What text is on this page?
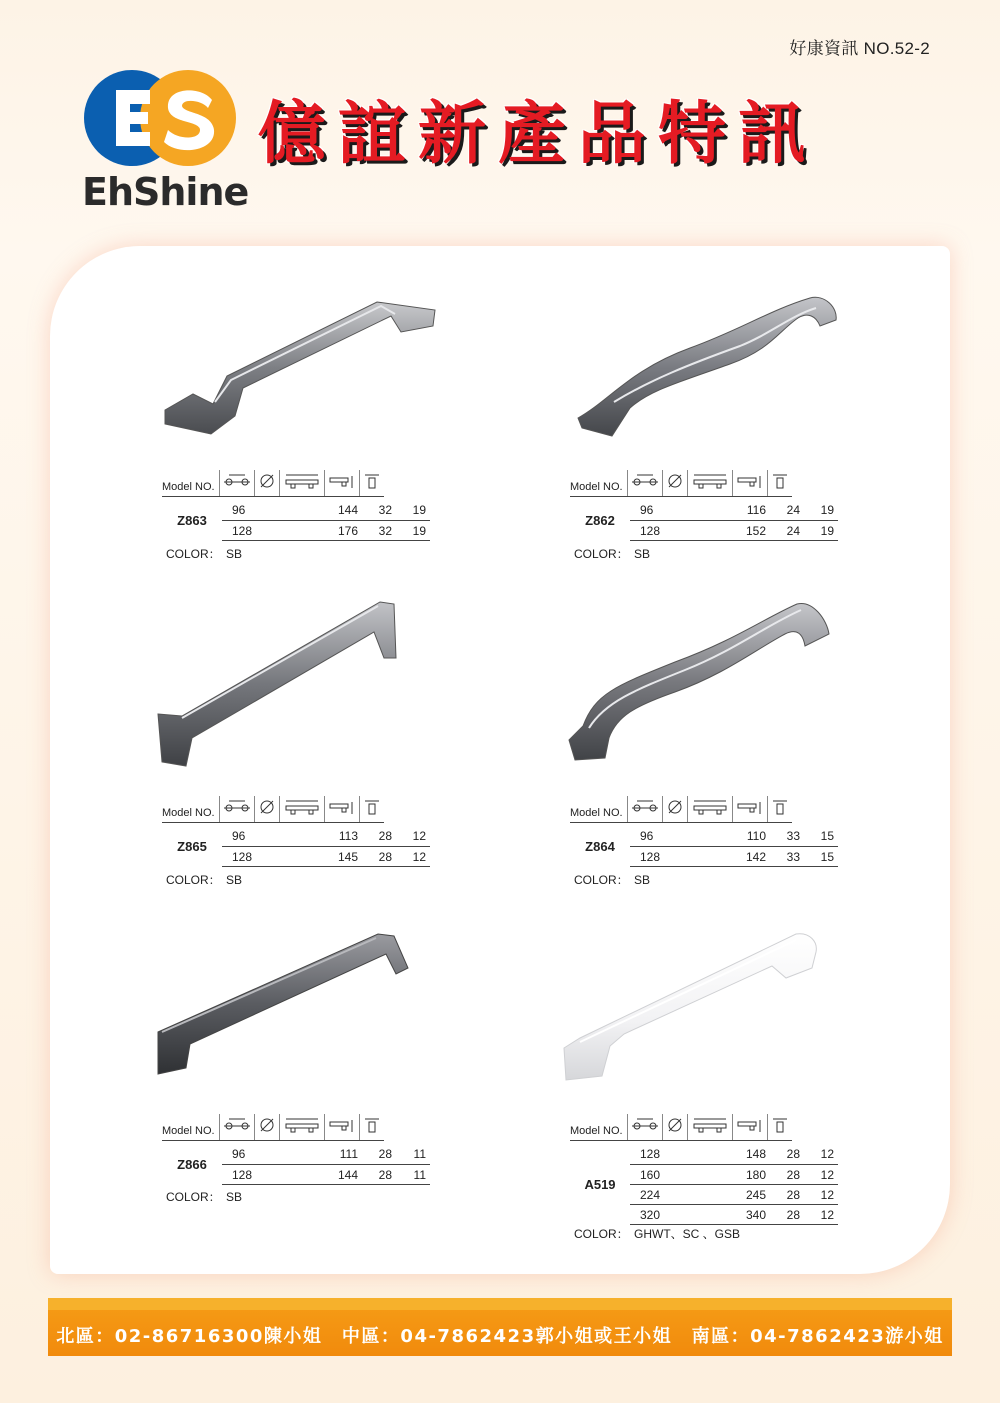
好康資訊 NO.52-2
EhShine
億誼新產品特訊
Model NO.					
Z863	96	144	32	19
	128	176	32	19
COLOR： SB
Model NO.					
Z862	96	116	24	19
	128	152	24	19
COLOR： SB
Model NO.					
Z865	96	113	28	12
	128	145	28	12
COLOR： SB
Model NO.					
Z864	96	110	33	15
	128	142	33	15
COLOR： SB
Model NO.					
Z866	96	111	28	11
	128	144	28	11
COLOR： SB
Model NO.					
A519	128	148	28	12
	160	180	28	12
	224	245	28	12
	320	340	28	12
COLOR： GHWT、SC 、GSB
北區：02-86716300陳小姐　中區：04-7862423郭小姐或王小姐　南區：04-7862423游小姐
